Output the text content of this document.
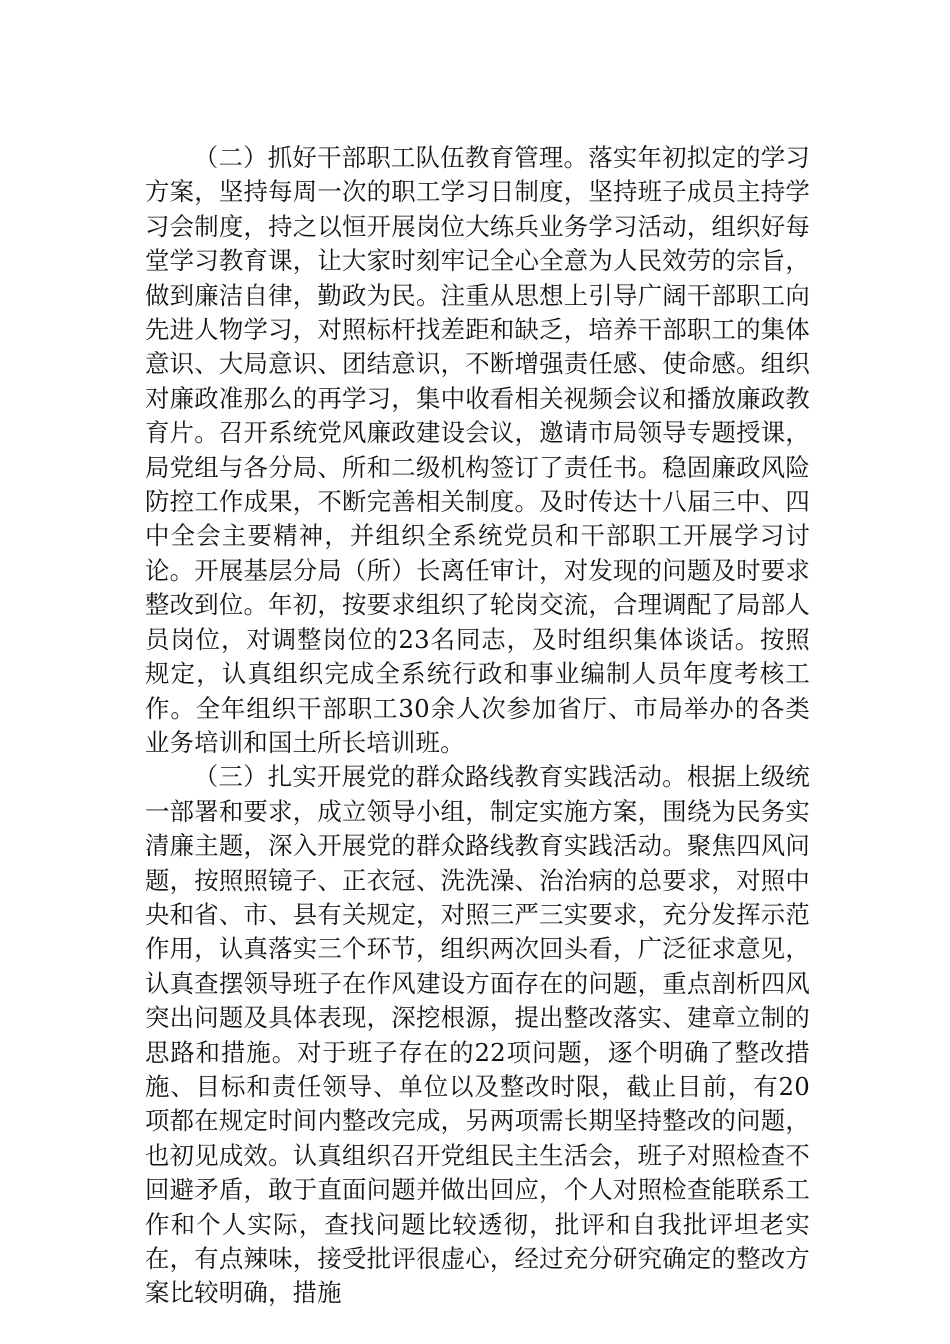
（二）抓好干部职工队伍教育管理。落实年初拟定的学习方案，坚持每周一次的职工学习日制度，坚持班子成员主持学习会制度，持之以恒开展岗位大练兵业务学习活动，组织好每堂学习教育课，让大家时刻牢记全心全意为人民效劳的宗旨，做到廉洁自律，勤政为民。注重从思想上引导广阔干部职工向先进人物学习，对照标杆找差距和缺乏，培养干部职工的集体意识、大局意识、团结意识，不断增强责任感、使命感。组织对廉政准那么的再学习，集中收看相关视频会议和播放廉政教育片。召开系统党风廉政建设会议，邀请市局领导专题授课，局党组与各分局、所和二级机构签订了责任书。稳固廉政风险防控工作成果，不断完善相关制度。及时传达十八届三中、四中全会主要精神，并组织全系统党员和干部职工开展学习讨论。开展基层分局（所）长离任审计，对发现的问题及时要求整改到位。年初，按要求组织了轮岗交流，合理调配了局部人员岗位，对调整岗位的23名同志，及时组织集体谈话。按照规定，认真组织完成全系统行政和事业编制人员年度考核工作。全年组织干部职工30余人次参加省厅、市局举办的各类业务培训和国土所长培训班。

（三）扎实开展党的群众路线教育实践活动。根据上级统一部署和要求，成立领导小组，制定实施方案，围绕为民务实清廉主题，深入开展党的群众路线教育实践活动。聚焦四风问题，按照照镜子、正衣冠、洗洗澡、治治病的总要求，对照中央和省、市、县有关规定，对照三严三实要求，充分发挥示范作用，认真落实三个环节，组织两次回头看，广泛征求意见，认真查摆领导班子在作风建设方面存在的问题，重点剖析四风突出问题及具体表现，深挖根源，提出整改落实、建章立制的思路和措施。对于班子存在的22项问题，逐个明确了整改措施、目标和责任领导、单位以及整改时限，截止目前，有20项都在规定时间内整改完成，另两项需长期坚持整改的问题，也初见成效。认真组织召开党组民主生活会，班子对照检查不回避矛盾，敢于直面问题并做出回应，个人对照检查能联系工作和个人实际，查找问题比较透彻，批评和自我批评坦老实在，有点辣味，接受批评很虚心，经过充分研究确定的整改方案比较明确，措施
